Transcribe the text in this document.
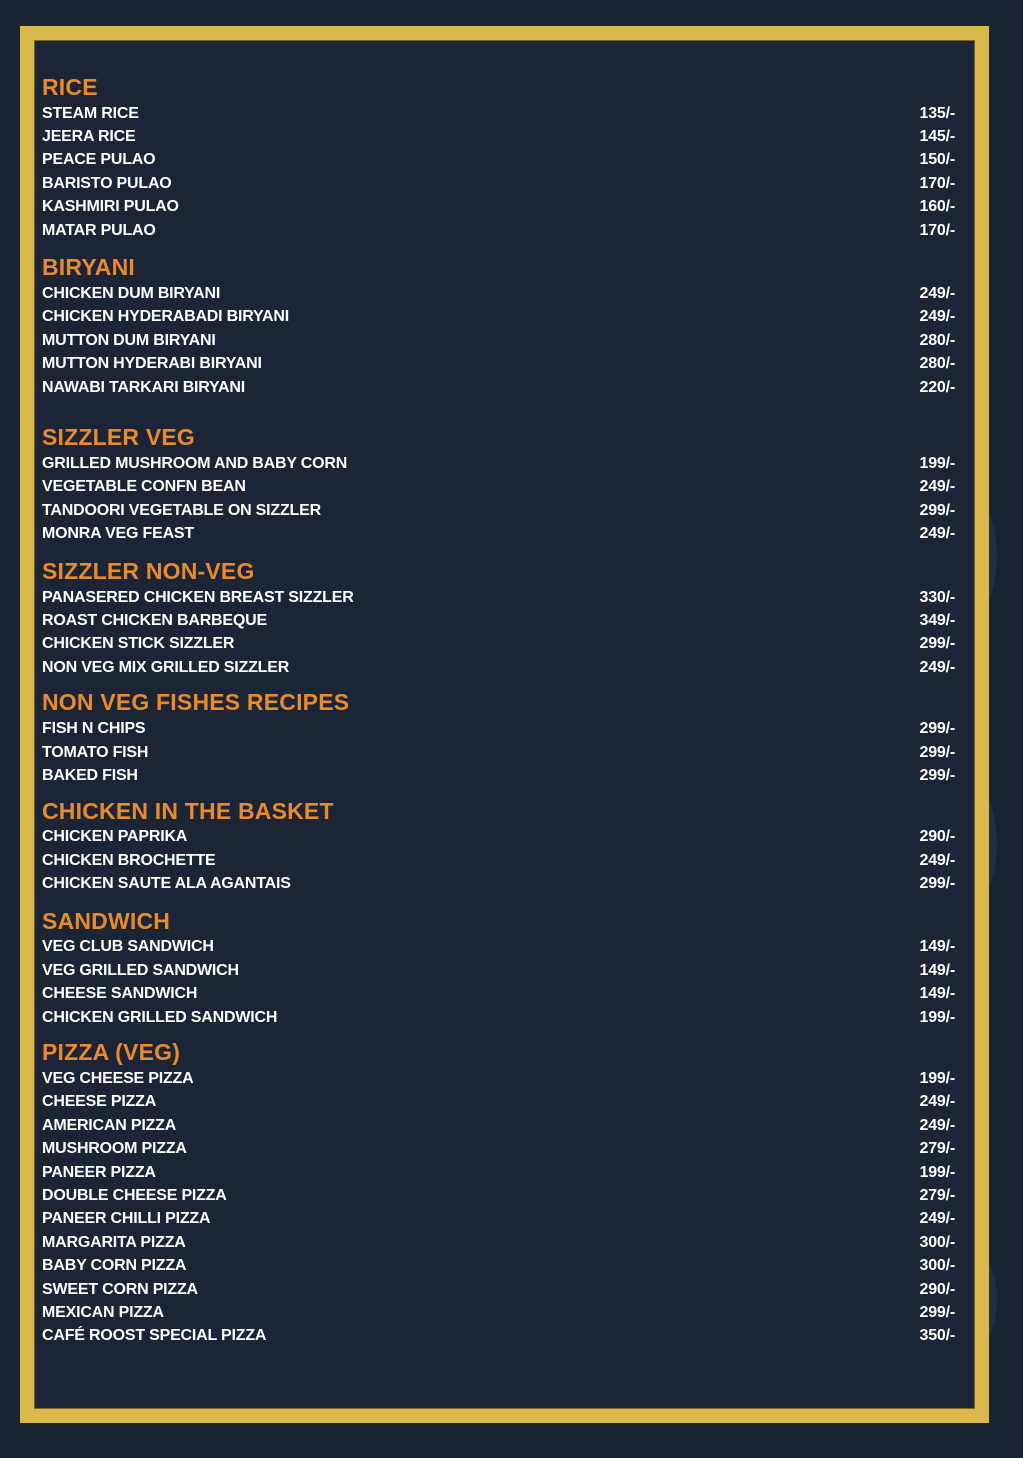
RICE
STEAM RICE	135/-
JEERA RICE	145/-
PEACE PULAO	150/-
BARISTO PULAO	170/-
KASHMIRI PULAO	160/-
MATAR PULAO	170/-
BIRYANI
CHICKEN DUM BIRYANI	249/-
CHICKEN HYDERABADI BIRYANI	249/-
MUTTON DUM BIRYANI	280/-
MUTTON HYDERABI BIRYANI	280/-
NAWABI TARKARI BIRYANI	220/-
SIZZLER VEG
GRILLED MUSHROOM AND BABY CORN	199/-
VEGETABLE CONFN BEAN	249/-
TANDOORI VEGETABLE ON SIZZLER	299/-
MONRA VEG FEAST	249/-
SIZZLER NON-VEG
PANASERED CHICKEN BREAST SIZZLER	330/-
ROAST CHICKEN BARBEQUE	349/-
CHICKEN STICK SIZZLER	299/-
NON VEG MIX GRILLED SIZZLER	249/-
NON VEG FISHES RECIPES
FISH N CHIPS	299/-
TOMATO FISH	299/-
BAKED FISH	299/-
CHICKEN IN THE BASKET
CHICKEN PAPRIKA	290/-
CHICKEN BROCHETTE	249/-
CHICKEN SAUTE ALA AGANTAIS	299/-
SANDWICH
VEG CLUB SANDWICH	149/-
VEG GRILLED SANDWICH	149/-
CHEESE SANDWICH	149/-
CHICKEN GRILLED SANDWICH	199/-
PIZZA (VEG)
VEG CHEESE PIZZA	199/-
CHEESE PIZZA	249/-
AMERICAN PIZZA	249/-
MUSHROOM PIZZA	279/-
PANEER PIZZA	199/-
DOUBLE CHEESE PIZZA	279/-
PANEER CHILLI PIZZA	249/-
MARGARITA PIZZA	300/-
BABY CORN PIZZA	300/-
SWEET CORN PIZZA	290/-
MEXICAN PIZZA	299/-
CAFÉ ROOST SPECIAL PIZZA	350/-
